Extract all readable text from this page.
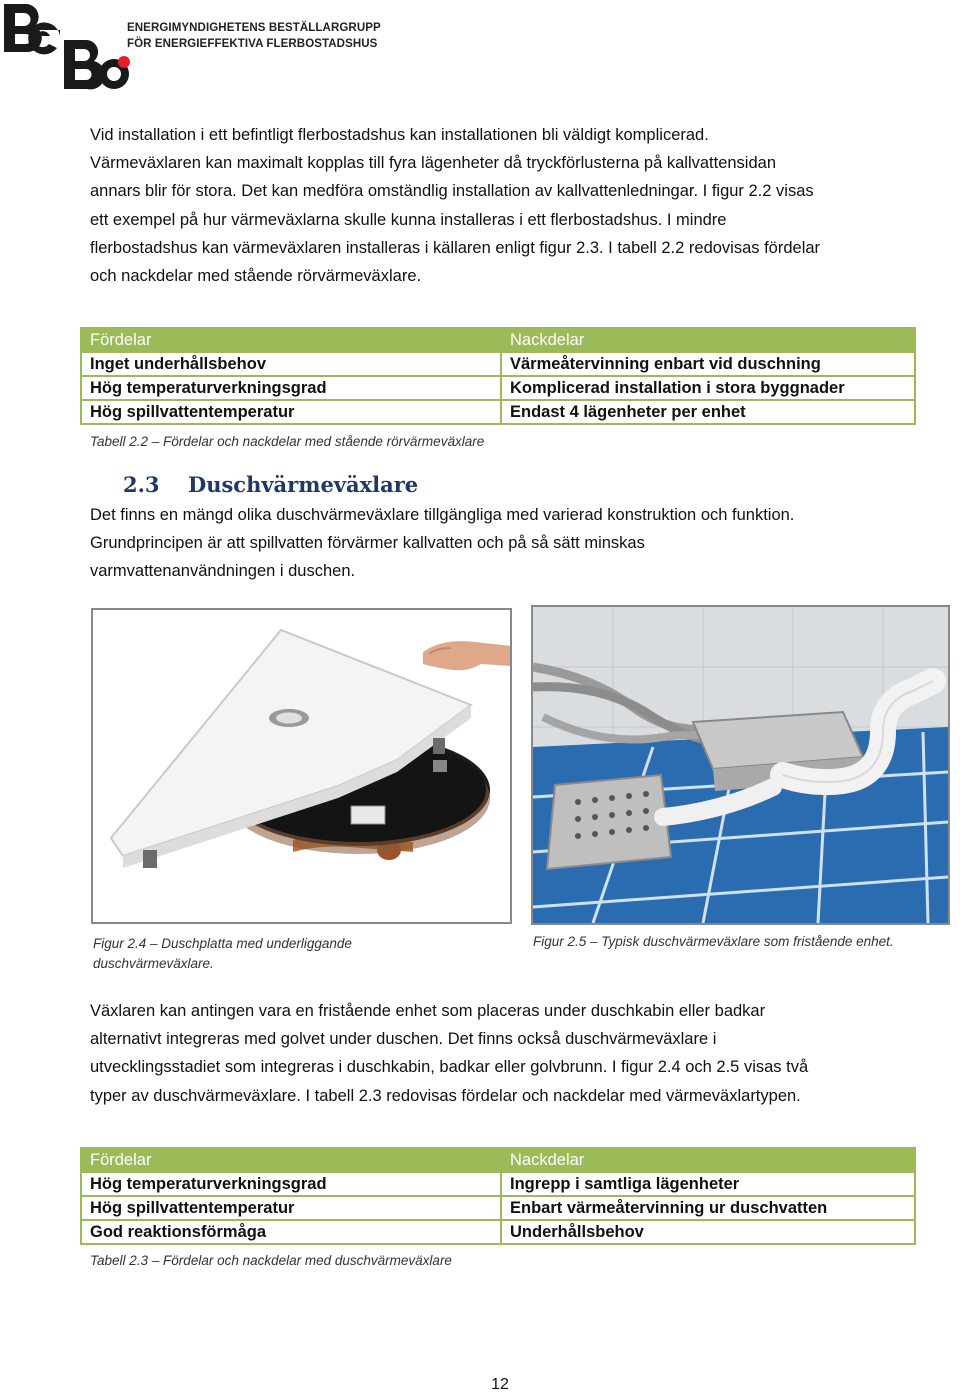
ENERGIMYNDIGHETENS BESTÄLLARGRUPP
FÖR ENERGIEFFEKTIVA FLERBOSTADSHUS

Vid installation i ett befintligt flerbostadshus kan installationen bli väldigt komplicerad.

Värmeväxlaren kan maximalt kopplas till fyra lägenheter då tryckförlusterna på kallvattensidan

annars blir för stora. Det kan medföra omständlig installation av kallvattenledningar. I figur 2.2 visas

ett exempel på hur värmeväxlarna skulle kunna installeras i ett flerbostadshus. I mindre

flerbostadshus kan värmeväxlaren installeras i källaren enligt figur 2.3. I tabell 2.2 redovisas fördelar

och nackdelar med stående rörvärmeväxlare.

Fördelar	Nackdelar
Inget underhållsbehov	Värmeåtervinning enbart vid duschning
Hög temperaturverkningsgrad	Komplicerad installation i stora byggnader
Hög spillvattentemperatur	Endast 4 lägenheter per enhet
Tabell 2.2 – Fördelar och nackdelar med stående rörvärmeväxlare
2.3 Duschvärmeväxlare

Det finns en mängd olika duschvärmeväxlare tillgängliga med varierad konstruktion och funktion.

Grundprincipen är att spillvatten förvärmer kallvatten och på så sätt minskas

varmvattenanvändningen i duschen.

Figur 2.4 – Duschplatta med underliggande
duschvärmeväxlare.
Figur 2.5 – Typisk duschvärmeväxlare som fristående enhet.

Växlaren kan antingen vara en fristående enhet som placeras under duschkabin eller badkar

alternativt integreras med golvet under duschen. Det finns också duschvärmeväxlare i

utvecklingsstadiet som integreras i duschkabin, badkar eller golvbrunn. I figur 2.4 och 2.5 visas två

typer av duschvärmeväxlare. I tabell 2.3 redovisas fördelar och nackdelar med värmeväxlartypen.

Fördelar	Nackdelar
Hög temperaturverkningsgrad	Ingrepp i samtliga lägenheter
Hög spillvattentemperatur	Enbart värmeåtervinning ur duschvatten
God reaktionsförmåga	Underhållsbehov
Tabell 2.3 – Fördelar och nackdelar med duschvärmeväxlare
12
